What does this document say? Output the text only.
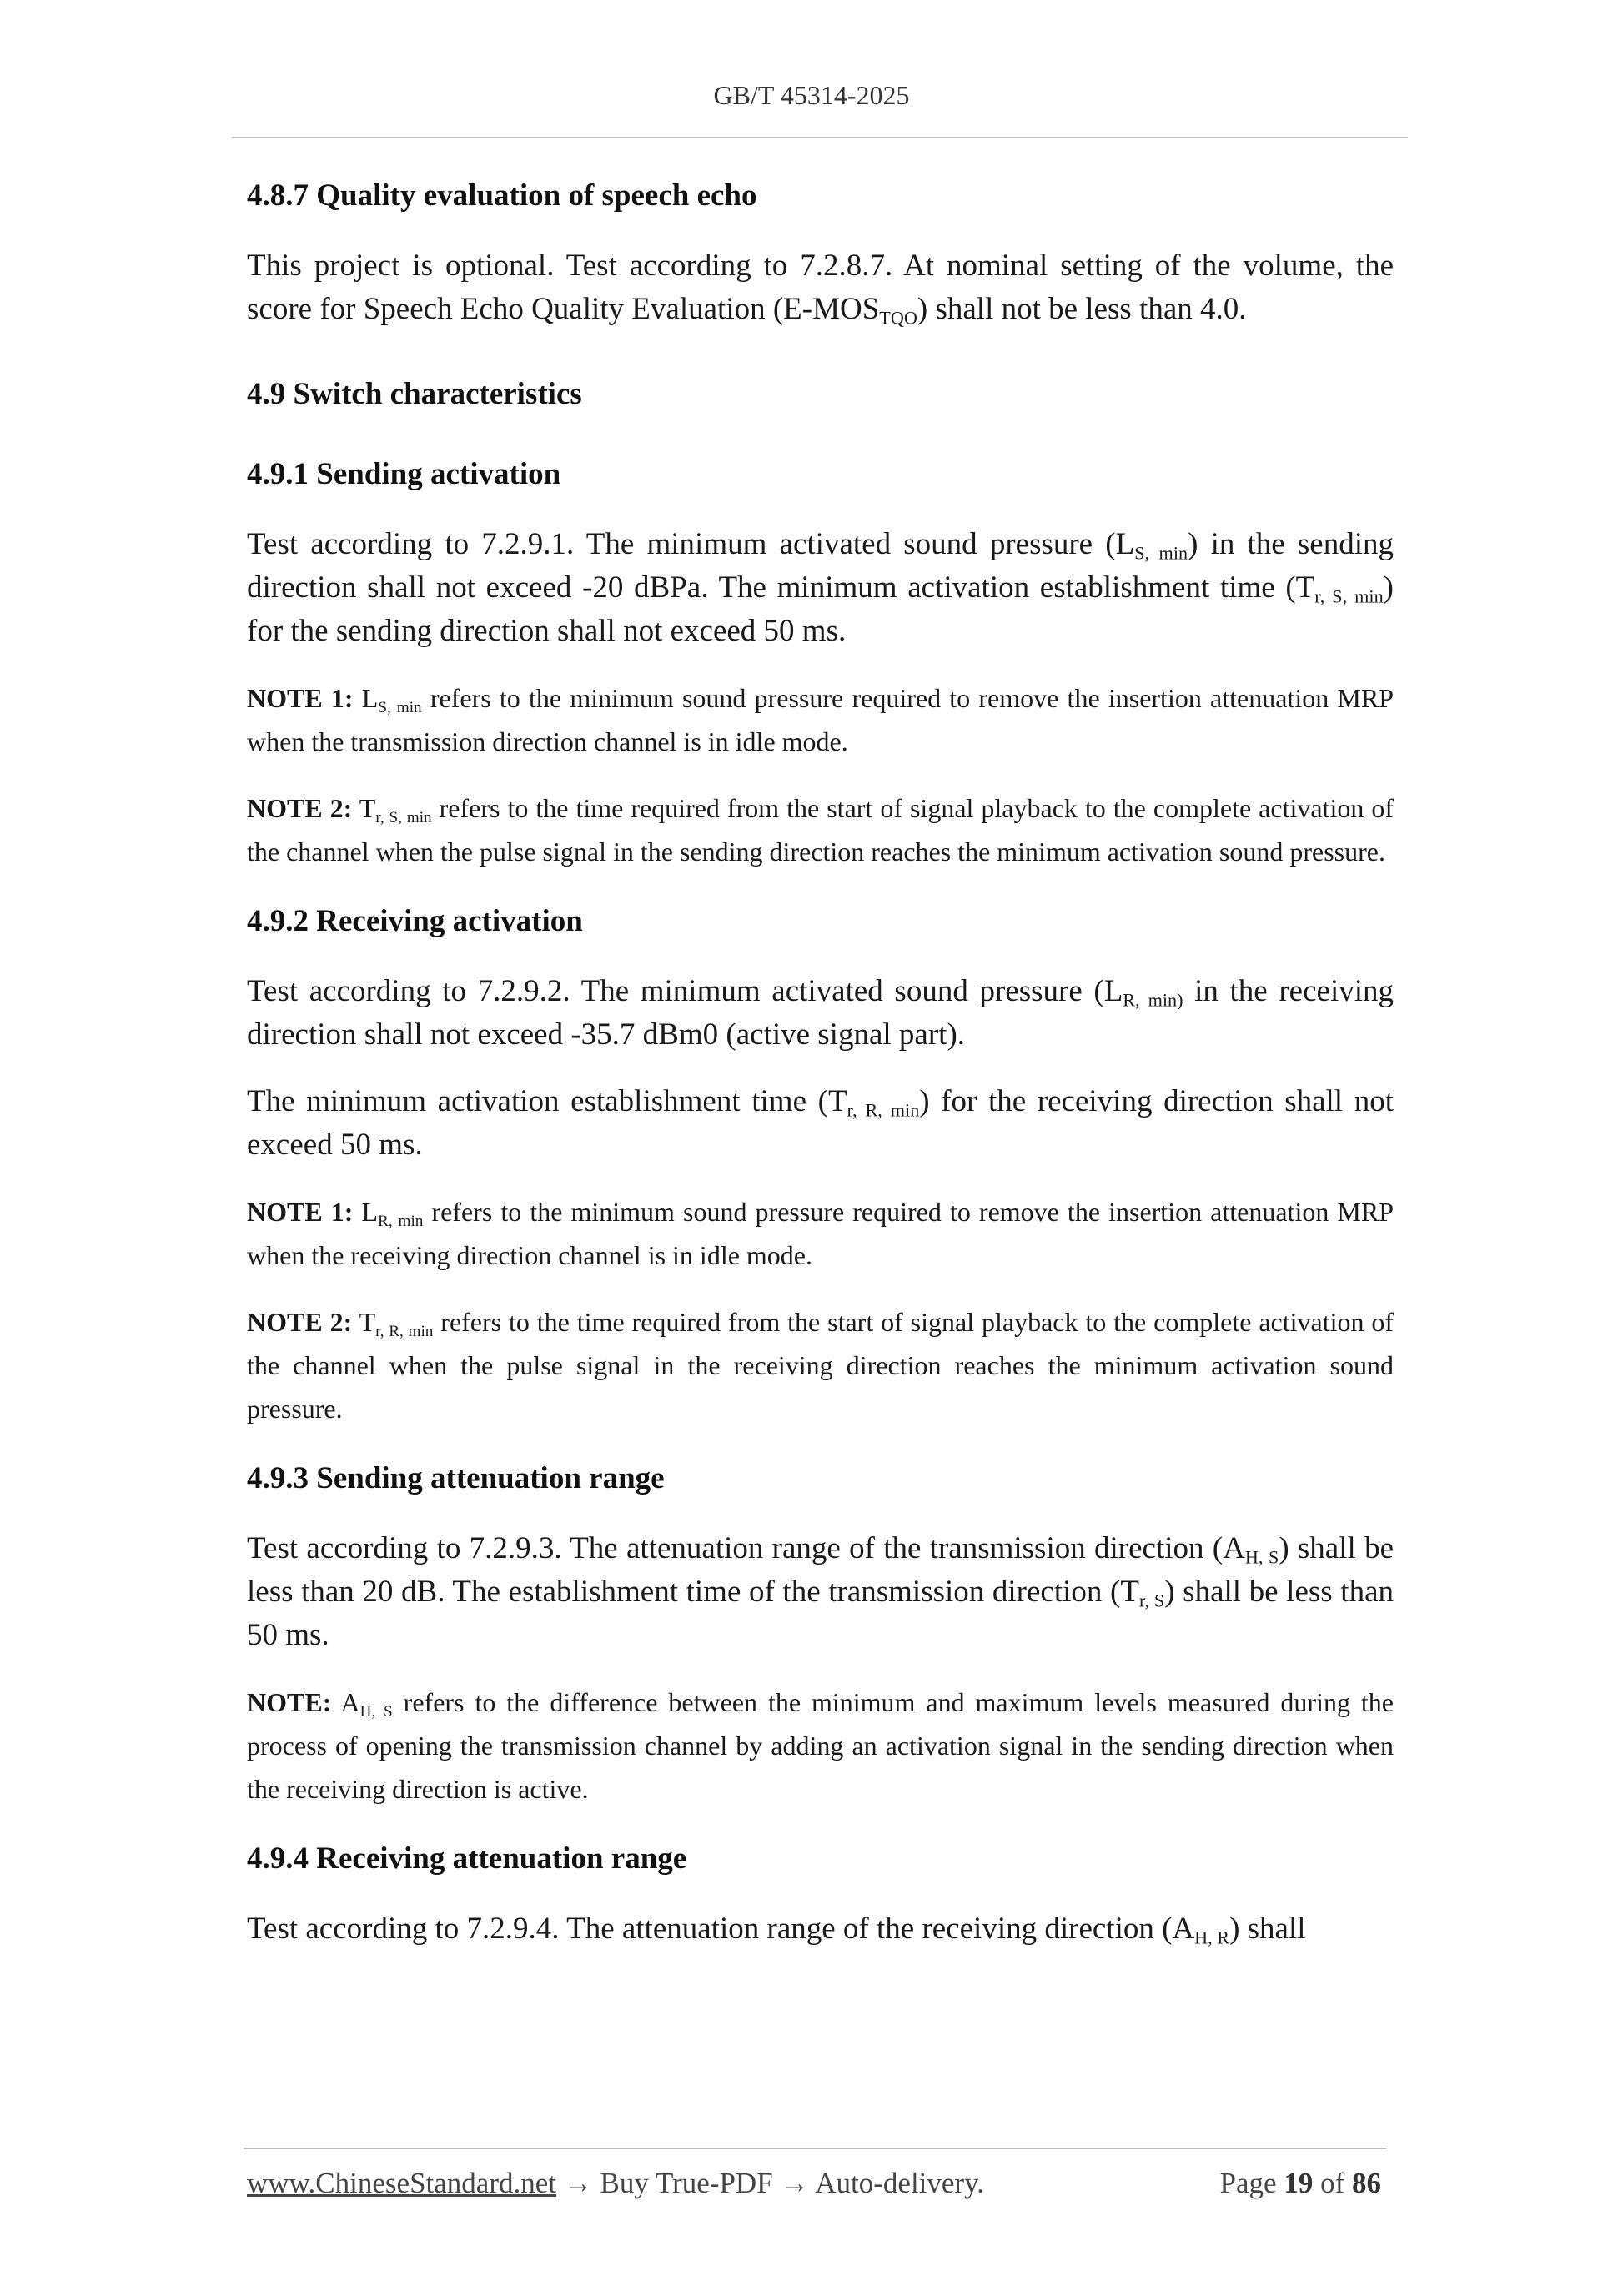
GB/T 45314-2025
4.8.7 Quality evaluation of speech echo

This project is optional. Test according to 7.2.8.7. At nominal setting of the volume, the score for Speech Echo Quality Evaluation $(E-MOS_{TQO})$ shall not be less than 4.0.

4.9 Switch characteristics
4.9.1 Sending activation

Test according to 7.2.9.1. The minimum activated sound pressure $(L_{S, min})$ in the sending direction shall not exceed -20 dBPa. The minimum activation establishment time $(T_{r, S, min})$ for the sending direction shall not exceed 50 ms.

NOTE 1: $L_{S, min}$ refers to the minimum sound pressure required to remove the insertion attenuation MRP when the transmission direction channel is in idle mode.

NOTE 2: $T_{r, S, min}$ refers to the time required from the start of signal playback to the complete activation of the channel when the pulse signal in the sending direction reaches the minimum activation sound pressure.

4.9.2 Receiving activation

Test according to 7.2.9.2. The minimum activated sound pressure ($L_{R, min)}$ in the receiving direction shall not exceed -35.7 dBm0 (active signal part).

The minimum activation establishment time $(T_{r, R, min})$ for the receiving direction shall not exceed 50 ms.

NOTE 1: $L_{R, min}$ refers to the minimum sound pressure required to remove the insertion attenuation MRP when the receiving direction channel is in idle mode.

NOTE 2: $T_{r, R, min}$ refers to the time required from the start of signal playback to the complete activation of the channel when the pulse signal in the receiving direction reaches the minimum activation sound pressure.

4.9.3 Sending attenuation range

Test according to 7.2.9.3. The attenuation range of the transmission direction $(A_{H, S})$ shall be less than 20 dB. The establishment time of the transmission direction $(T_{r, S})$ shall be less than 50 ms.

NOTE: $A_{H, S}$ refers to the difference between the minimum and maximum levels measured during the process of opening the transmission channel by adding an activation signal in the sending direction when the receiving direction is active.

4.9.4 Receiving attenuation range

Test according to 7.2.9.4. The attenuation range of the receiving direction $(A_{H, R})$ shall

www.ChineseStandard.net → Buy True-PDF → Auto-delivery.	Page 19 of 86
